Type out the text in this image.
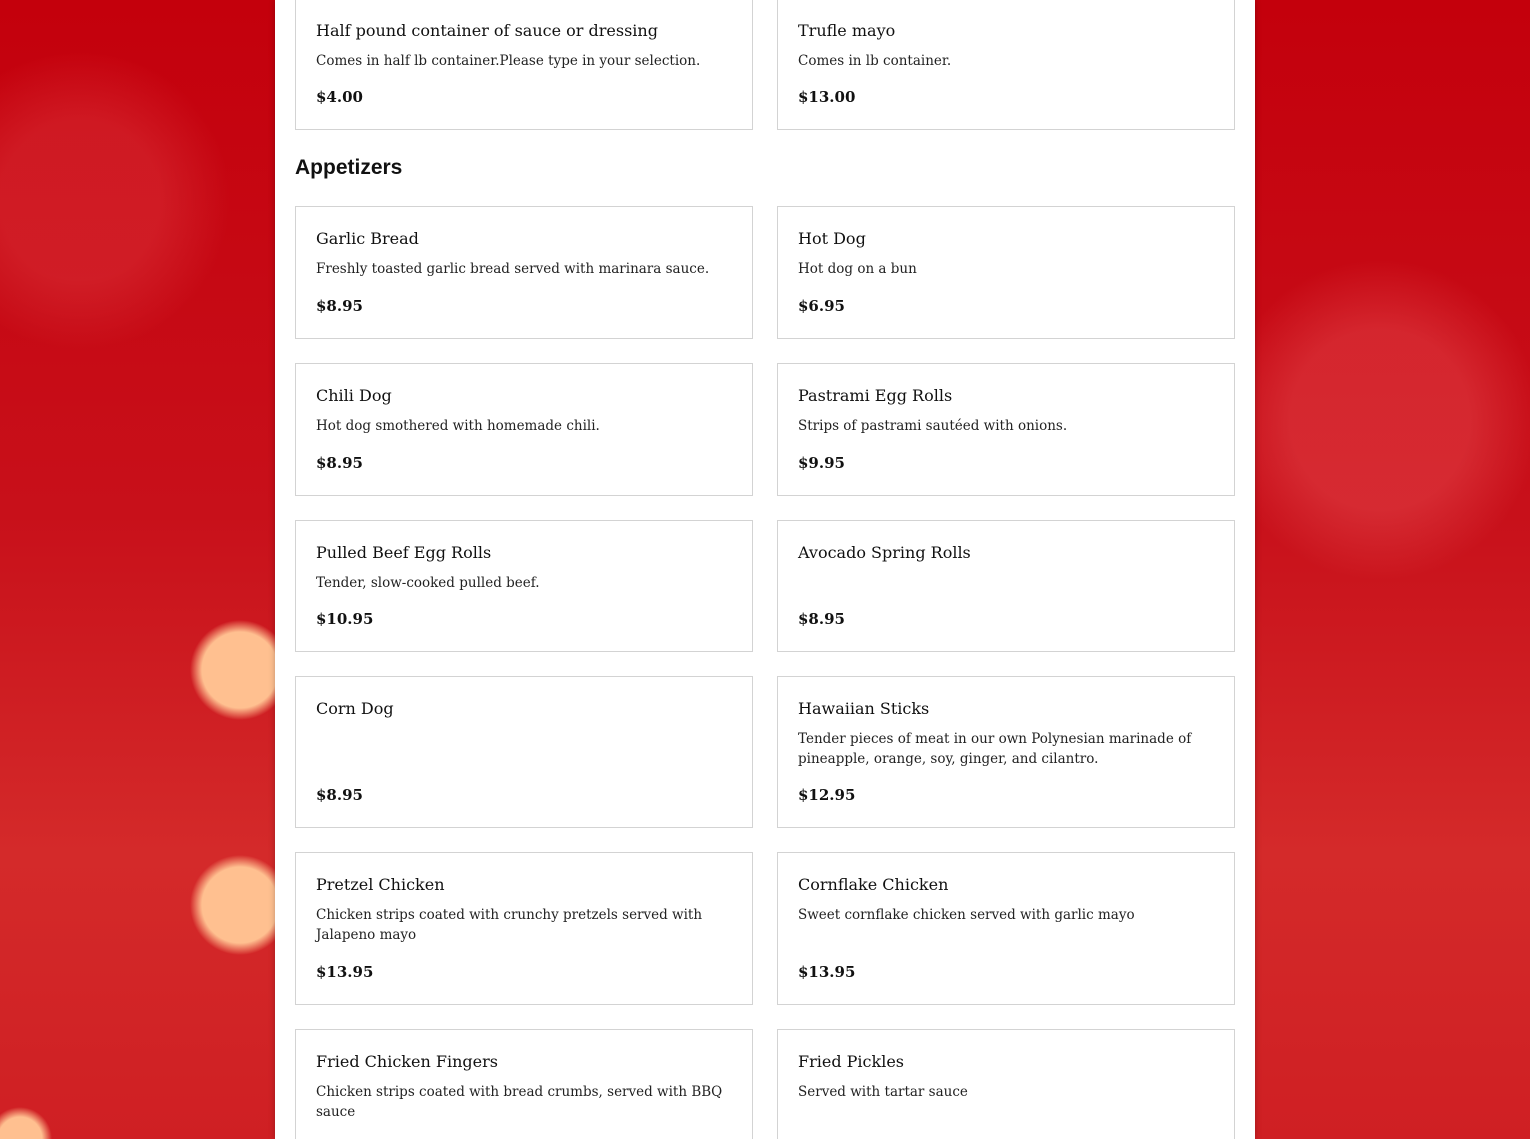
Half pound container of sauce or dressing
Comes in half lb container.Please type in your selection.
$4.00
Trufle mayo
Comes in lb container.
$13.00
Appetizers
Garlic Bread
Freshly toasted garlic bread served with marinara sauce.
$8.95
Hot Dog
Hot dog on a bun
$6.95
Chili Dog
Hot dog smothered with homemade chili.
$8.95
Pastrami Egg Rolls
Strips of pastrami sautéed with onions.
$9.95
Pulled Beef Egg Rolls
Tender, slow-cooked pulled beef.
$10.95
Avocado Spring Rolls
$8.95
Corn Dog
$8.95
Hawaiian Sticks
Tender pieces of meat in our own Polynesian marinade of pineapple, orange, soy, ginger, and cilantro.
$12.95
Pretzel Chicken
Chicken strips coated with crunchy pretzels served with Jalapeno mayo
$13.95
Cornflake Chicken
Sweet cornflake chicken served with garlic mayo
$13.95
Fried Chicken Fingers
Chicken strips coated with bread crumbs, served with BBQ sauce
Fried Pickles
Served with tartar sauce
